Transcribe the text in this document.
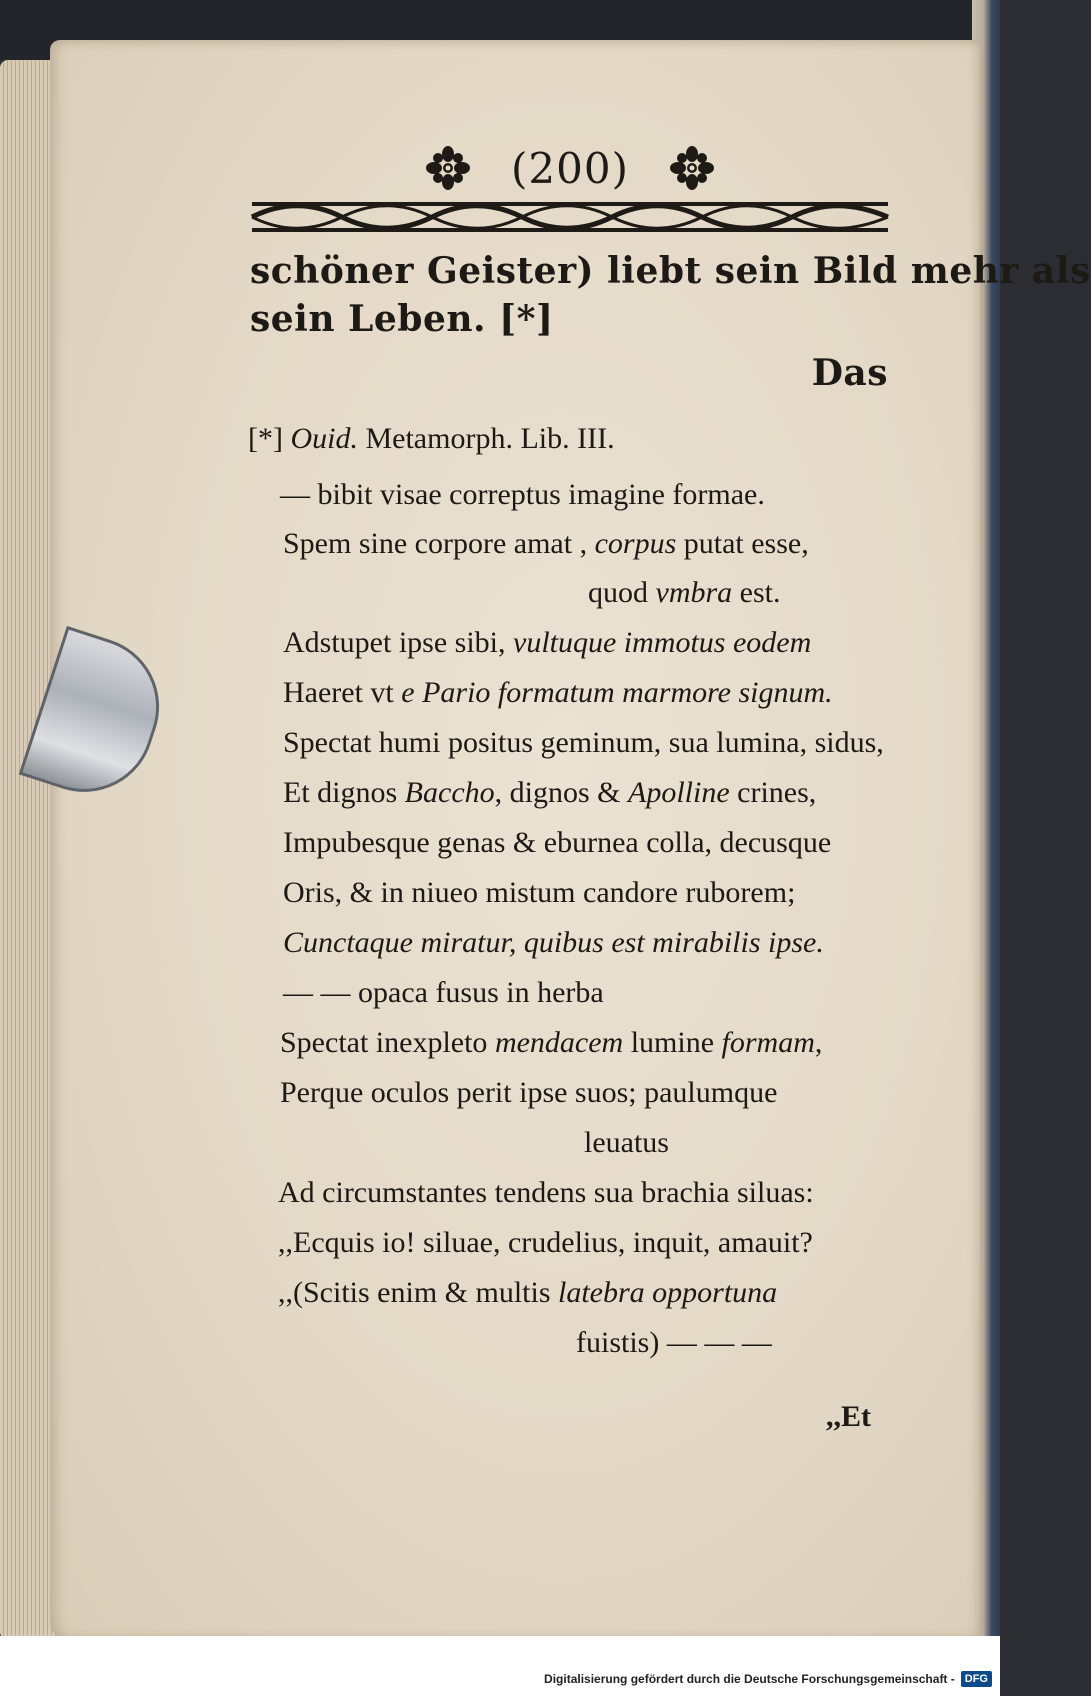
(200)
schöner Geister) liebt sein Bild mehr als
sein Leben. [*]
Das
[*] Ouid. Metamorph. Lib. III.
— bibit visae correptus imagine formae.
Spem sine corpore amat , corpus putat esse,
quod vmbra est.
Adstupet ipse sibi, vultuque immotus eodem
Haeret vt e Pario formatum marmore signum.
Spectat humi positus geminum, sua lumina, sidus,
Et dignos Baccho, dignos & Apolline crines,
Impubesque genas & eburnea colla, decusque
Oris, & in niueo mistum candore ruborem;
Cunctaque miratur, quibus est mirabilis ipse.
— — opaca fusus in herba
Spectat inexpleto mendacem lumine formam,
Perque oculos perit ipse suos; paulumque
leuatus
Ad circumstantes tendens sua brachia siluas:
,,Ecquis io! siluae, crudelius, inquit, amauit?
,,(Scitis enim & multis latebra opportuna
fuistis) — — —
,,Et
Digitalisierung gefördert durch die Deutsche Forschungsgemeinschaft - DFG
